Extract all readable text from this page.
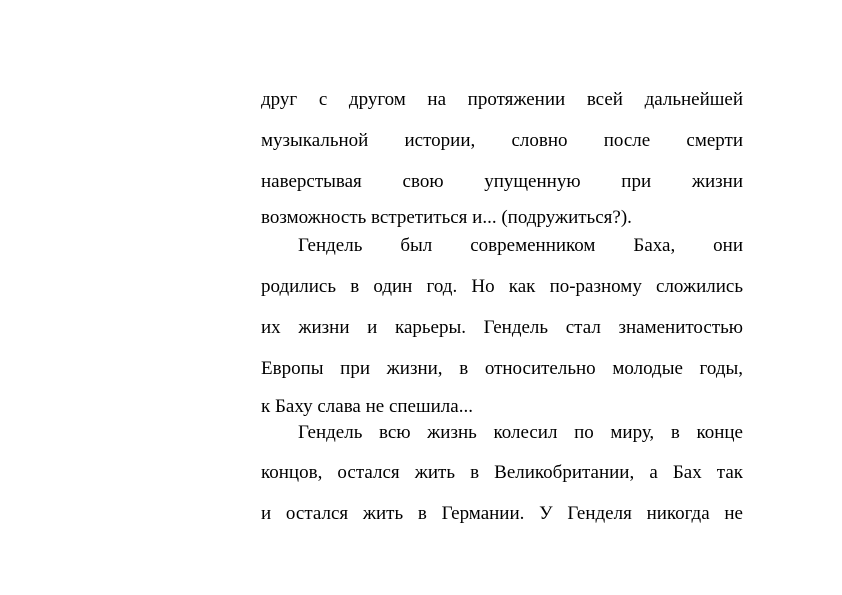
друг с другом на протяжении всей дальнейшей
музыкальной истории, словно после смерти
наверстывая свою упущенную при жизни
возможность встретиться и... (подружиться?).
Гендель был современником Баха, они
родились в один год. Но как по-разному сложились
их жизни и карьеры. Гендель стал знаменитостью
Европы при жизни, в относительно молодые годы,
к Баху слава не спешила...
Гендель всю жизнь колесил по миру, в конце
концов, остался жить в Великобритании, а Бах так
и остался жить в Германии. У Генделя никогда не
